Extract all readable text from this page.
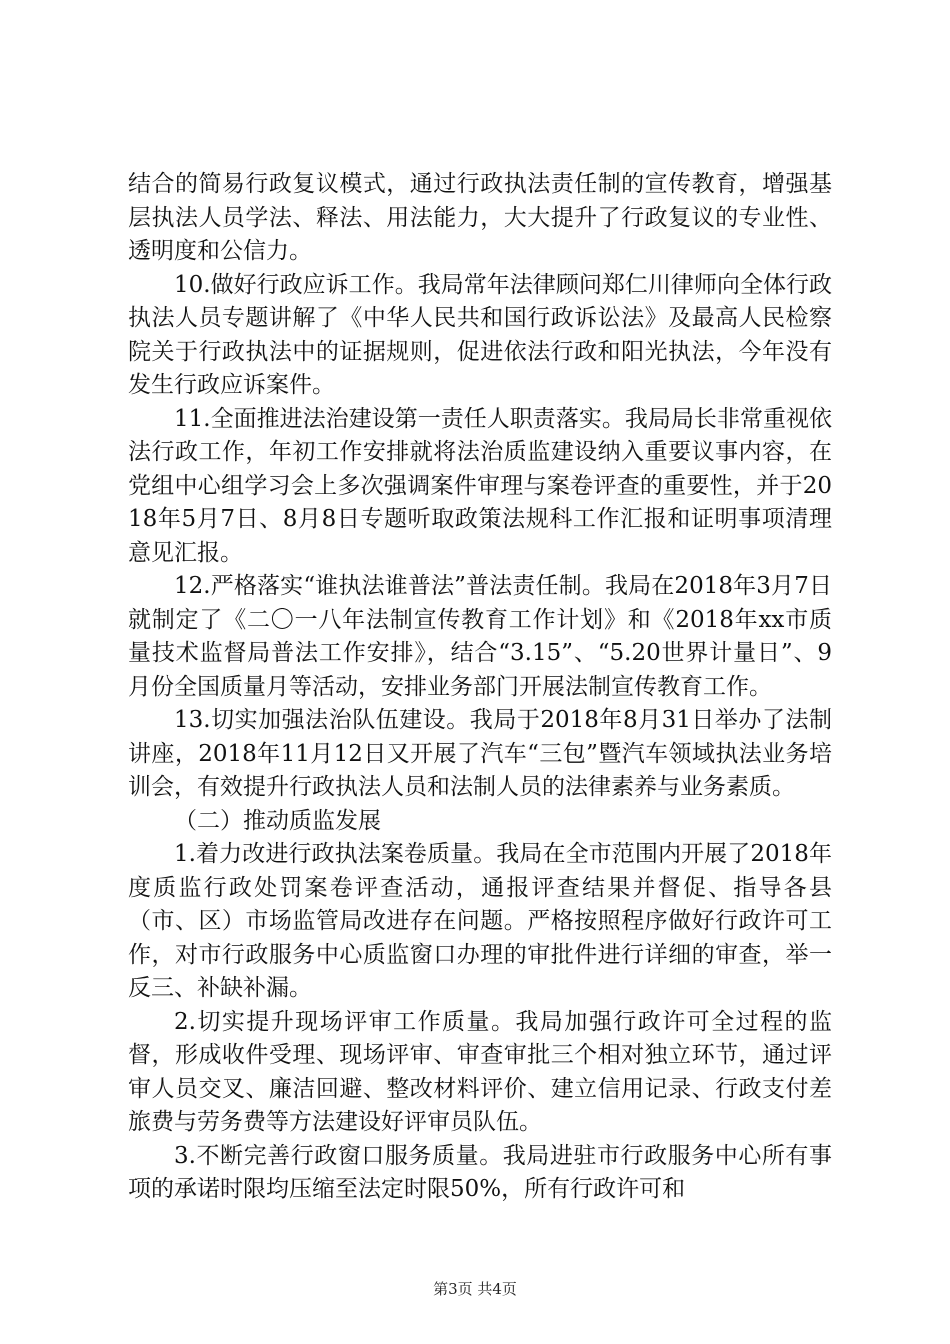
结合的简易行政复议模式，通过行政执法责任制的宣传教育，增强基层执法人员学法、释法、用法能力，大大提升了行政复议的专业性、透明度和公信力。

10.做好行政应诉工作。我局常年法律顾问郑仁川律师向全体行政执法人员专题讲解了《中华人民共和国行政诉讼法》及最高人民检察院关于行政执法中的证据规则，促进依法行政和阳光执法，今年没有发生行政应诉案件。

11.全面推进法治建设第一责任人职责落实。我局局长非常重视依法行政工作，年初工作安排就将法治质监建设纳入重要议事内容，在党组中心组学习会上多次强调案件审理与案卷评查的重要性，并于2018年5月7日、8月8日专题听取政策法规科工作汇报和证明事项清理意见汇报。

12.严格落实“谁执法谁普法”普法责任制。我局在2018年3月7日就制定了《二〇一八年法制宣传教育工作计划》和《2018年xx市质量技术监督局普法工作安排》，结合“3.15”、“5.20世界计量日”、9月份全国质量月等活动，安排业务部门开展法制宣传教育工作。

13.切实加强法治队伍建设。我局于2018年8月31日举办了法制讲座，2018年11月12日又开展了汽车“三包”暨汽车领域执法业务培训会，有效提升行政执法人员和法制人员的法律素养与业务素质。

（二）推动质监发展

1.着力改进行政执法案卷质量。我局在全市范围内开展了2018年度质监行政处罚案卷评查活动，通报评查结果并督促、指导各县（市、区）市场监管局改进存在问题。严格按照程序做好行政许可工作，对市行政服务中心质监窗口办理的审批件进行详细的审查，举一反三、补缺补漏。

2.切实提升现场评审工作质量。我局加强行政许可全过程的监督，形成收件受理、现场评审、审查审批三个相对独立环节，通过评审人员交叉、廉洁回避、整改材料评价、建立信用记录、行政支付差旅费与劳务费等方法建设好评审员队伍。

3.不断完善行政窗口服务质量。我局进驻市行政服务中心所有事项的承诺时限均压缩至法定时限50%，所有行政许可和

第3页 共4页
